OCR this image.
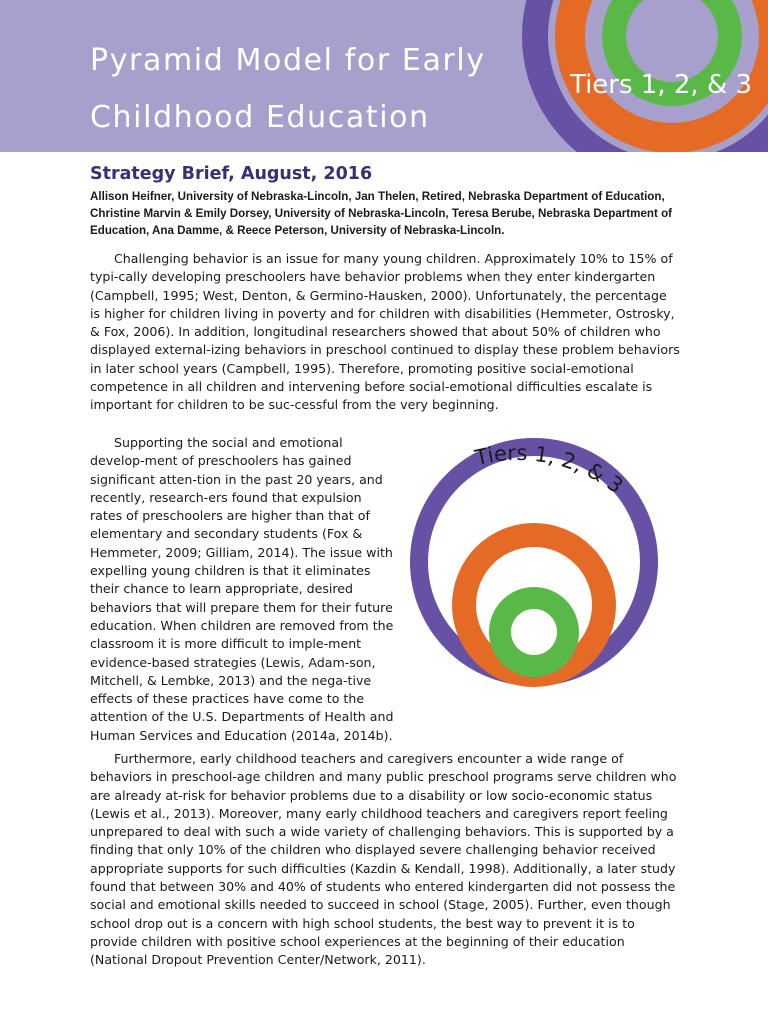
Pyramid Model for Early
Childhood Education
Tiers 1, 2, & 3
Strategy Brief, August, 2016

Allison Heifner, University of Nebraska-Lincoln, Jan Thelen, Retired, Nebraska Department of Education, Christine Marvin & Emily Dorsey, University of Nebraska-Lincoln, Teresa Berube, Nebraska Department of Education, Ana Damme, & Reece Peterson, University of Nebraska-Lincoln.

Challenging behavior is an issue for many young children. Approximately 10% to 15% of typi-cally developing preschoolers have behavior problems when they enter kindergarten (Campbell, 1995; West, Denton, & Germino-Hausken, 2000). Unfortunately, the percentage is higher for children living in poverty and for children with disabilities (Hemmeter, Ostrosky, & Fox, 2006). In addition, longitudinal researchers showed that about 50% of children who displayed external-izing behaviors in preschool continued to display these problem behaviors in later school years (Campbell, 1995). Therefore, promoting positive social-emotional competence in all children and intervening before social-emotional difficulties escalate is important for children to be suc-cessful from the very beginning.

Supporting the social and emotional develop-ment of preschoolers has gained significant atten-tion in the past 20 years, and recently, research-ers found that expulsion rates of preschoolers are higher than that of elementary and secondary students (Fox & Hemmeter, 2009; Gilliam, 2014). The issue with expelling young children is that it eliminates their chance to learn appropriate, desired behaviors that will prepare them for their future education. When children are removed from the classroom it is more difficult to imple-ment evidence-based strategies (Lewis, Adam-son, Mitchell, & Lembke, 2013) and the nega-tive effects of these practices have come to the attention of the U.S. Departments of Health and Human Services and Education (2014a, 2014b).

Tiers 1, 2, & 3

Furthermore, early childhood teachers and caregivers encounter a wide range of behaviors in preschool-age children and many public preschool programs serve children who are already at-risk for behavior problems due to a disability or low socio-economic status (Lewis et al., 2013). Moreover, many early childhood teachers and caregivers report feeling unprepared to deal with such a wide variety of challenging behaviors. This is supported by a finding that only 10% of the children who displayed severe challenging behavior received appropriate supports for such difficulties (Kazdin & Kendall, 1998). Additionally, a later study found that between 30% and 40% of students who entered kindergarten did not possess the social and emotional skills needed to succeed in school (Stage, 2005). Further, even though school drop out is a concern with high school students, the best way to prevent it is to provide children with positive school experiences at the beginning of their education (National Dropout Prevention Center/Network, 2011).
